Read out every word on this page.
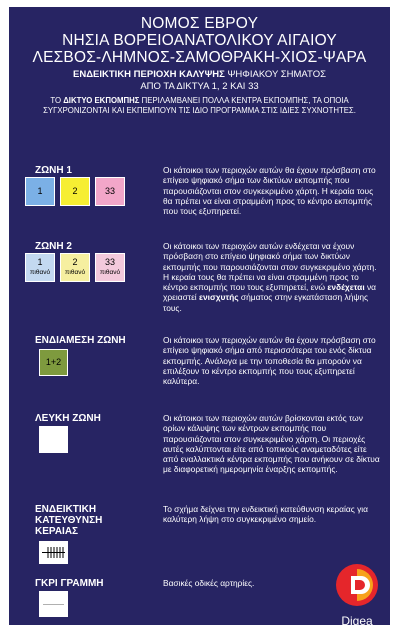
ΝΟΜΟΣ ΕΒΡΟΥ
ΝΗΣΙΑ ΒΟΡΕΙΟΑΝΑΤΟΛΙΚΟΥ ΑΙΓΑΙΟΥ
ΛΕΣΒΟΣ-ΛΗΜΝΟΣ-ΣΑΜΟΘΡΑΚΗ-ΧΙΟΣ-ΨΑΡΑ
ΕΝΔΕΙΚΤΙΚΗ ΠΕΡΙΟΧΗ ΚΑΛΥΨΗΣ ΨΗΦΙΑΚΟΥ ΣΗΜΑΤΟΣ
ΑΠΟ ΤΑ ΔΙΚΤΥΑ 1, 2 ΚΑΙ 33
ΤΟ ΔΙΚΤΥΟ ΕΚΠΟΜΠΗΣ ΠΕΡΙΛΑΜΒΑΝΕΙ ΠΟΛΛΑ ΚΕΝΤΡΑ ΕΚΠΟΜΠΗΣ, ΤΑ ΟΠΟΙΑ
ΣΥΓΧΡΟΝΙΖΟΝΤΑΙ ΚΑΙ ΕΚΠΕΜΠΟΥΝ ΤΙΣ ΙΔΙΟ ΠΡΟΓΡΑΜΜΑ ΣΤΙΣ ΙΔΙΕΣ ΣΥΧΝΟΤΗΤΕΣ.
ΖΩΝΗ 1
1	2	33
Οι κάτοικοι των περιοχών αυτών θα έχουν πρόσβαση στο επίγειο ψηφιακό σήμα των δικτύων εκπομπής που παρουσιάζονται στον συγκεκριμένο χάρτη. Η κεραία τους θα πρέπει να είναι στραμμένη προς το κέντρο εκπομπής που τους εξυπηρετεί.
ΖΩΝΗ 2
1
πιθανό
2
πιθανό
33
πιθανό
Οι κάτοικοι των περιοχών αυτών ενδέχεται να έχουν πρόσβαση στο επίγειο ψηφιακό σήμα των δικτύων εκπομπής που παρουσιάζονται στον συγκεκριμένο χάρτη. Η κεραία τους θα πρέπει να είναι στραμμένη προς το κέντρο εκπομπής που τους εξυπηρετεί, ενώ ενδέχεται να χρειαστεί ενισχυτής σήματος στην εγκατάσταση λήψης τους.
ΕΝΔΙΑΜΕΣΗ ΖΩΝΗ
1+2
Οι κάτοικοι των περιοχών αυτών θα έχουν πρόσβαση στο επίγειο ψηφιακό σήμα από περισσότερα του ενός δίκτυα εκπομπής. Ανάλογα με την τοποθεσία θα μπορούν να επιλέξουν το κέντρο εκπομπής που τους εξυπηρετεί καλύτερα.
ΛΕΥΚΗ ΖΩΝΗ	Οι κάτοικοι των περιοχών αυτών βρίσκονται εκτός των ορίων κάλυψης των κέντρων εκπομπής που παρουσιάζονται στον συγκεκριμένο χάρτη. Οι περιοχές αυτές καλύπτονται είτε από τοπικούς αναμεταδότες είτε από εναλλακτικά κέντρα εκπομπής που ανήκουν σε δίκτυα με διαφορετική ημερομηνία έναρξης εκπομπής.
ΕΝΔΕΙΚΤΙΚΗ
ΚΑΤΕΥΘΥΝΣΗ
ΚΕΡΑΙΑΣ
Το σχήμα δείχνει την ενδεικτική κατεύθυνση κεραίας για καλύτερη λήψη στο συγκεκριμένο σημείο.
ΓΚΡΙ ΓΡΑΜΜΗ	Βασικές οδικές αρτηρίες.
Digea
